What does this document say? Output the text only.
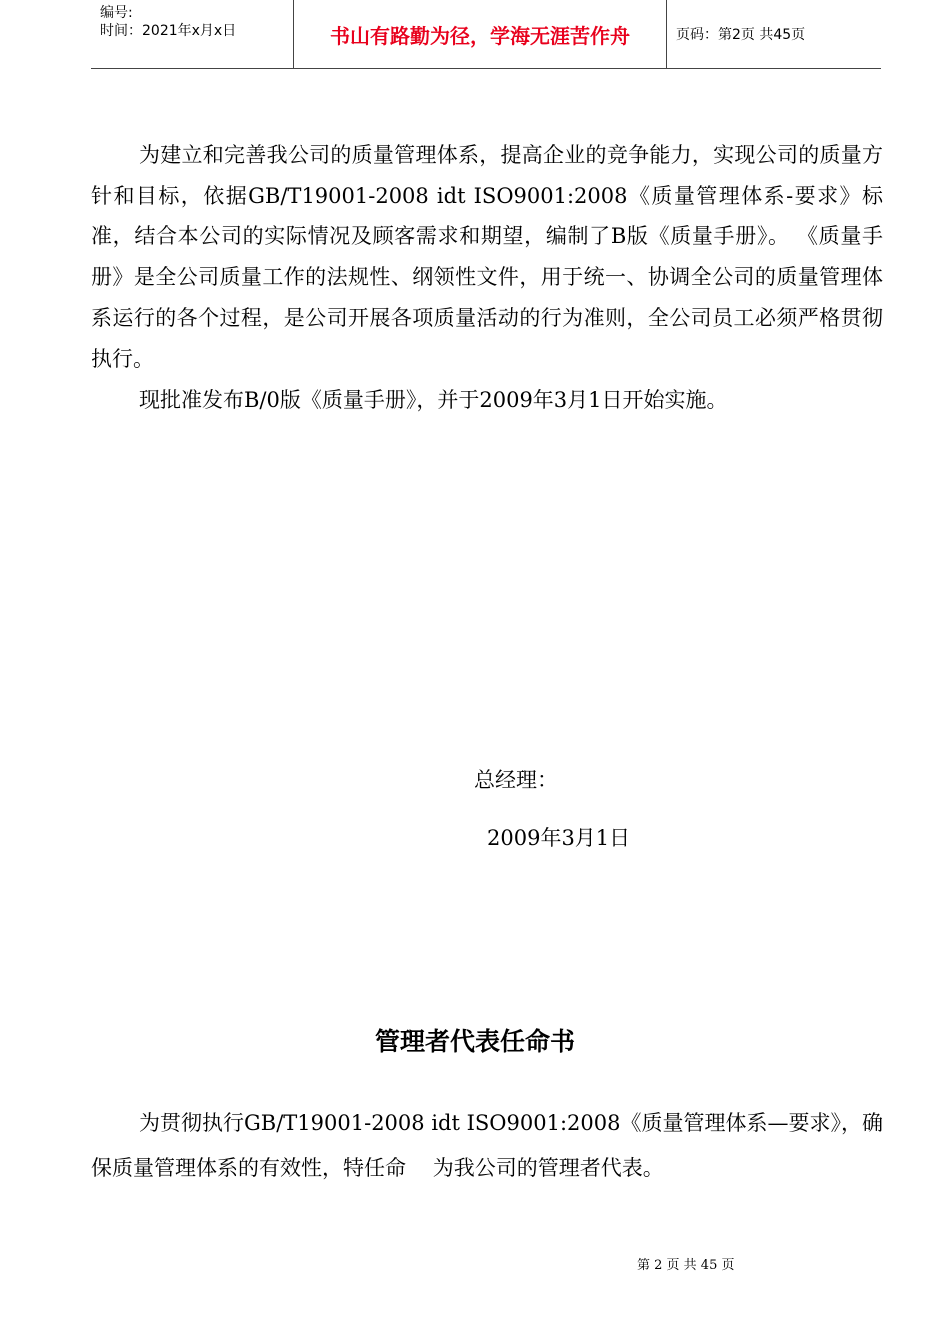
编号:
时间：2021年x月x日	书山有路勤为径，学海无涯苦作舟	页码：第2页 共45页
为建立和完善我公司的质量管理体系，提高企业的竞争能力，实现公司的质量方针和目标，依据GB/T19001-2008 idt ISO9001:2008《质量管理体系-要求》标准，结合本公司的实际情况及顾客需求和期望，编制了B版《质量手册》。 《质量手册》是全公司质量工作的法规性、纲领性文件，用于统一、协调全公司的质量管理体系运行的各个过程，是公司开展各项质量活动的行为准则，全公司员工必须严格贯彻执行。
现批准发布B/0版《质量手册》，并于2009年3月1日开始实施。
总经理：
2009年3月1日
管理者代表任命书
为贯彻执行GB/T19001-2008 idt ISO9001:2008《质量管理体系—要求》，确保质量管理体系的有效性，特任命    为我公司的管理者代表。
第 2 页 共 45 页
